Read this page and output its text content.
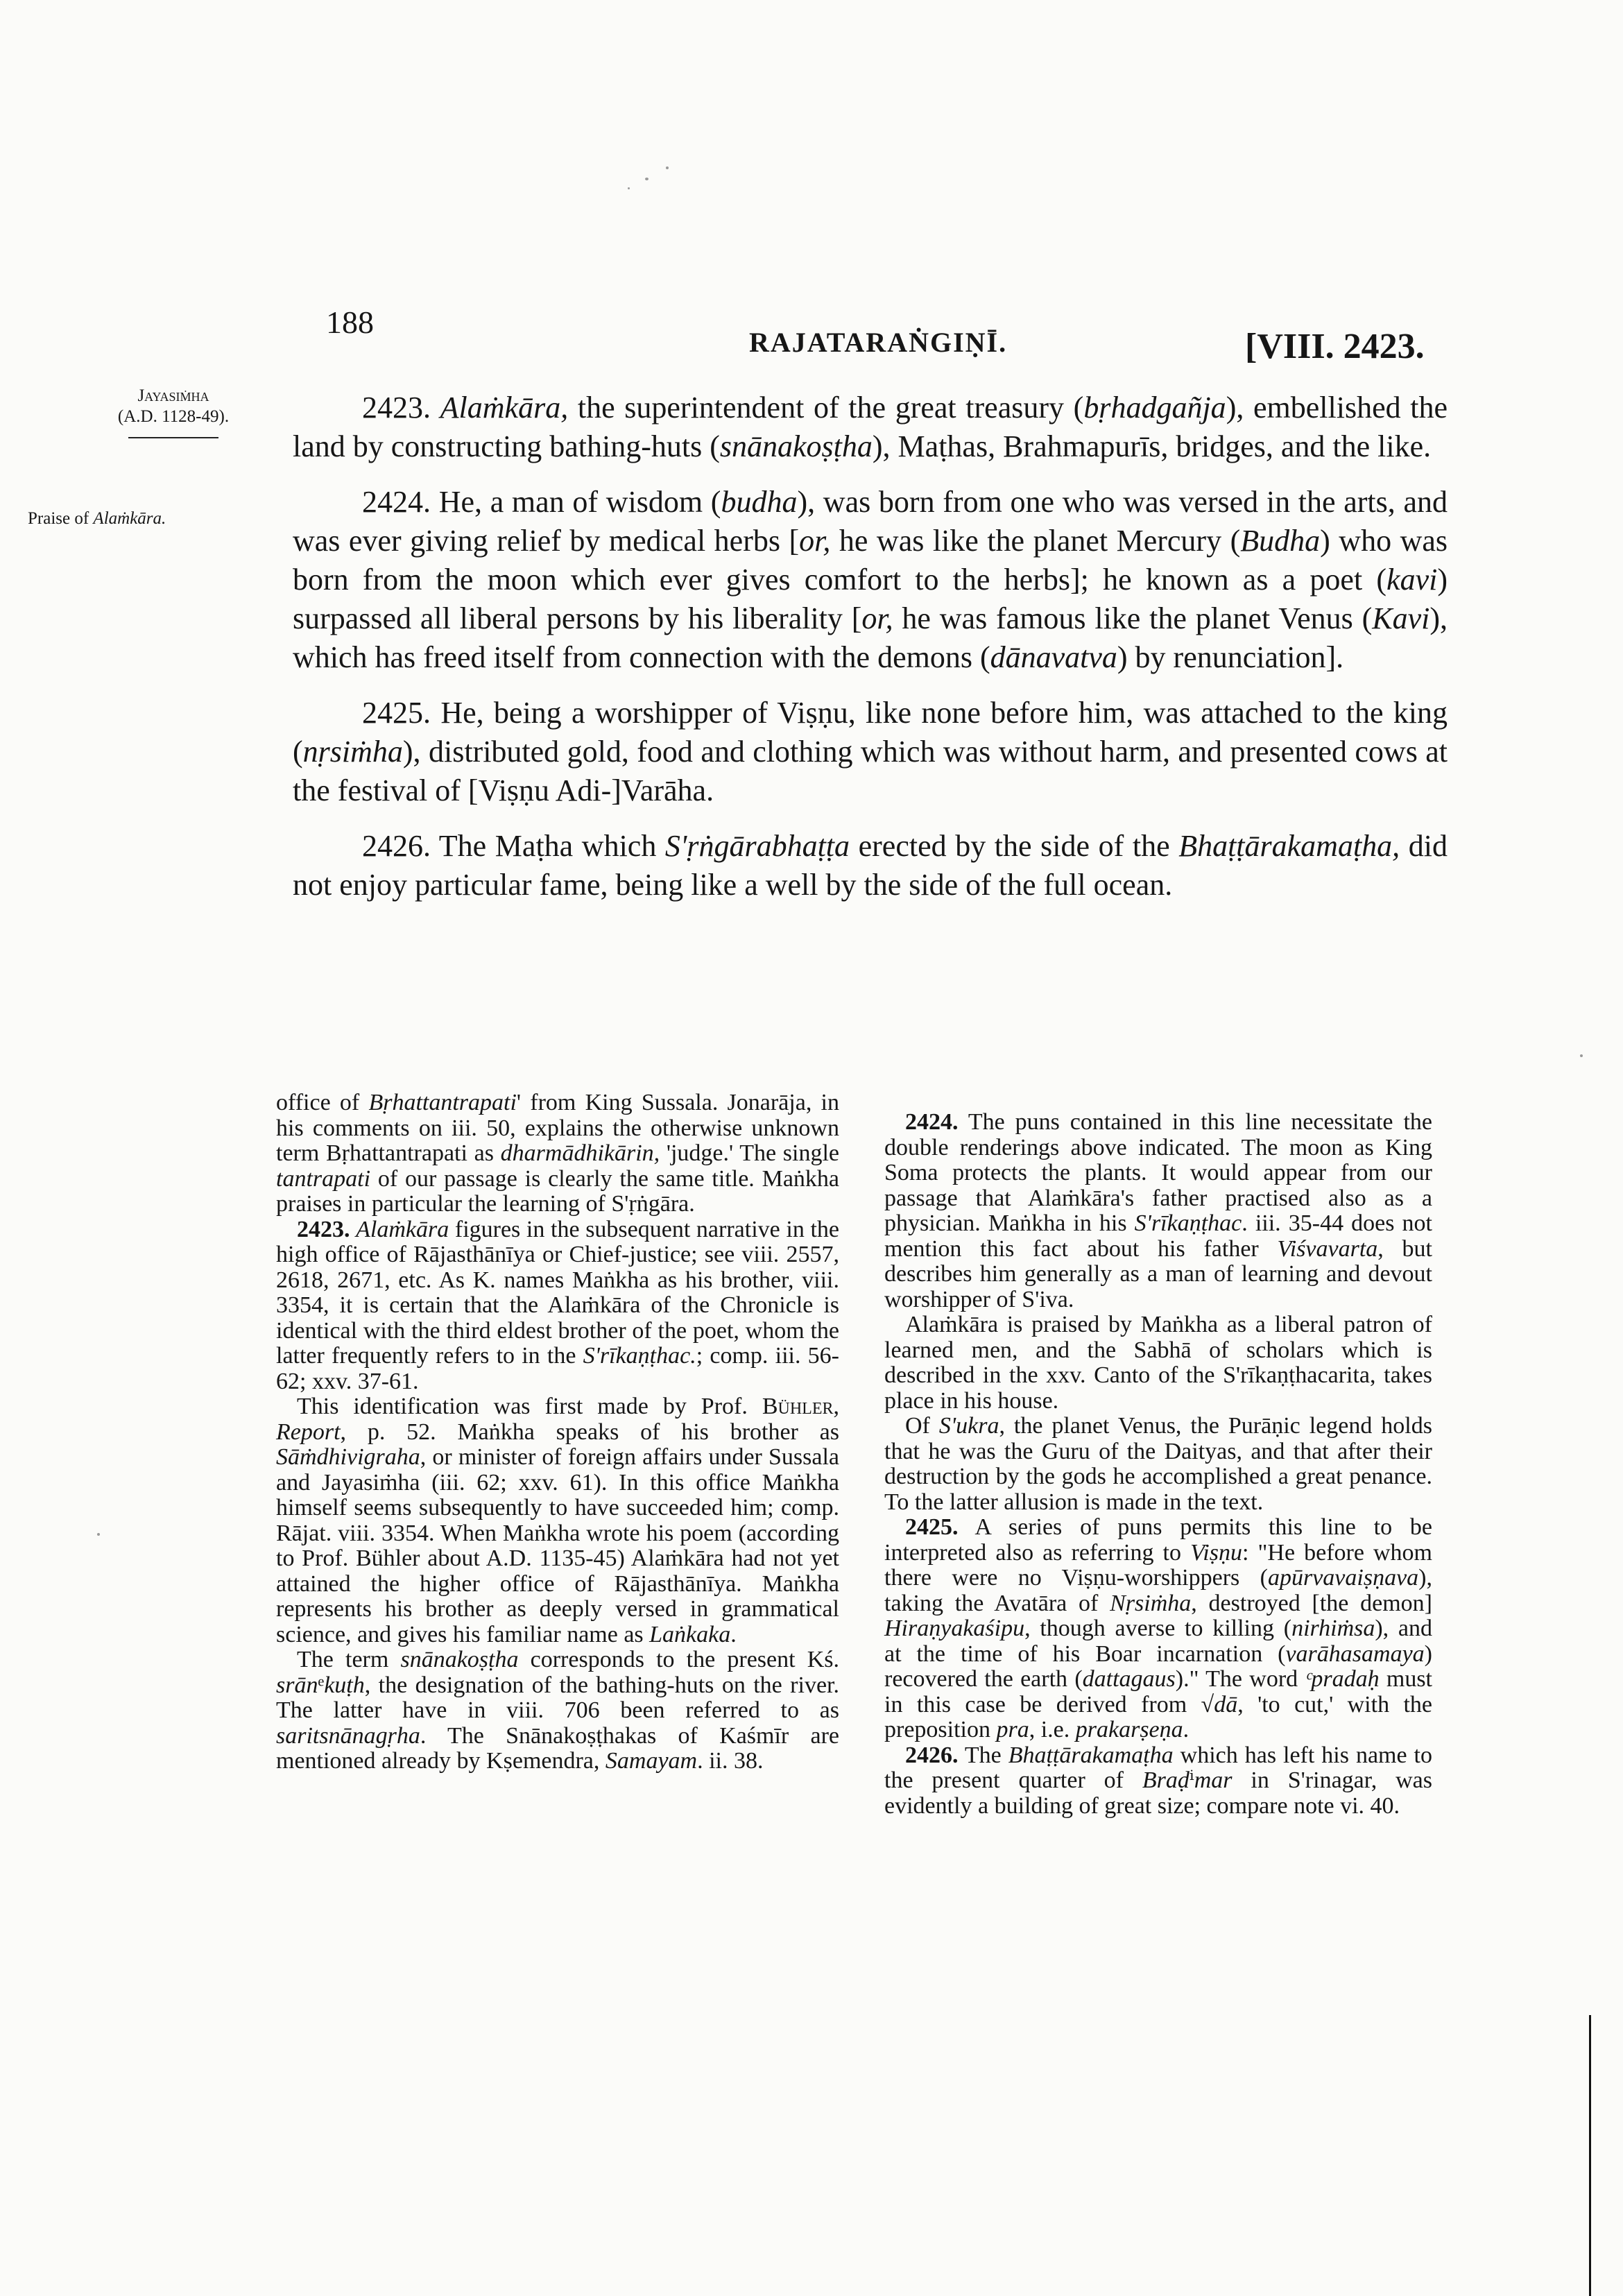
188
RAJATARAṄGIṆĪ.	[VIII. 2423.
Jayasiṁha
(A.D. 1128-49).
Praise of Alaṁkāra.

2423. Alaṁkāra, the superintendent of the great treasury (bṛhadgañja), embellished the land by constructing bathing-huts (snānakoṣṭha), Maṭhas, Brahmapurīs, bridges, and the like.

2424. He, a man of wisdom (budha), was born from one who was versed in the arts, and was ever giving relief by medical herbs [or, he was like the planet Mercury (Budha) who was born from the moon which ever gives comfort to the herbs]; he known as a poet (kavi) surpassed all liberal persons by his liberality [or, he was famous like the planet Venus (Kavi), which has freed itself from connection with the demons (dānavatva) by renunciation].

2425. He, being a worshipper of Viṣṇu, like none before him, was attached to the king (nṛsiṁha), distributed gold, food and clothing which was without harm, and presented cows at the festival of [Viṣṇu Adi-]Varāha.

2426. The Maṭha which S'ṛṅgārabhaṭṭa erected by the side of the Bhaṭṭārakamaṭha, did not enjoy particular fame, being like a well by the side of the full ocean.

office of Bṛhattantrapati' from King Sussala. Jonarāja, in his comments on iii. 50, explains the otherwise unknown term Bṛhattantrapati as dharmādhikārin, 'judge.' The single tantrapati of our passage is clearly the same title. Maṅkha praises in particular the learning of S'ṛṅgāra.

2423. Alaṁkāra figures in the subsequent narrative in the high office of Rājasthānīya or Chief-justice; see viii. 2557, 2618, 2671, etc. As K. names Maṅkha as his brother, viii. 3354, it is certain that the Alaṁkāra of the Chronicle is identical with the third eldest brother of the poet, whom the latter frequently refers to in the S'rīkaṇṭhac.; comp. iii. 56-62; xxv. 37-61.

This identification was first made by Prof. Bühler, Report, p. 52. Maṅkha speaks of his brother as Sāṁdhivigraha, or minister of foreign affairs under Sussala and Jayasiṁha (iii. 62; xxv. 61). In this office Maṅkha himself seems subsequently to have succeeded him; comp. Rājat. viii. 3354. When Maṅkha wrote his poem (according to Prof. Bühler about A.D. 1135-45) Alaṁkāra had not yet attained the higher office of Rājasthānīya. Maṅkha represents his brother as deeply versed in grammatical science, and gives his familiar name as Laṅkaka.

The term snānakoṣṭha corresponds to the present Kś. srānᵉkuṭh, the designation of the bathing-huts on the river. The latter have in viii. 706 been referred to as saritsnānagṛha. The Snānakoṣṭhakas of Kaśmīr are mentioned already by Kṣemendra, Samayam. ii. 38.

2424. The puns contained in this line necessitate the double renderings above indicated. The moon as King Soma protects the plants. It would appear from our passage that Alaṁkāra's father practised also as a physician. Maṅkha in his S'rīkaṇṭhac. iii. 35-44 does not mention this fact about his father Viśvavarta, but describes him generally as a man of learning and devout worshipper of S'iva.

Alaṁkāra is praised by Maṅkha as a liberal patron of learned men, and the Sabhā of scholars which is described in the xxv. Canto of the S'rīkaṇṭhacarita, takes place in his house.

Of S'ukra, the planet Venus, the Purāṇic legend holds that he was the Guru of the Daityas, and that after their destruction by the gods he accomplished a great penance. To the latter allusion is made in the text.

2425. A series of puns permits this line to be interpreted also as referring to Viṣṇu: "He before whom there were no Viṣṇu-worshippers (apūrvavaiṣṇava), taking the Avatāra of Nṛsiṁha, destroyed [the demon] Hiraṇyakaśipu, though averse to killing (nirhiṁsa), and at the time of his Boar incarnation (varāhasamaya) recovered the earth (dattagaus)." The word ᶜpradaḥ must in this case be derived from √dā, 'to cut,' with the preposition pra, i.e. prakarṣeṇa.

2426. The Bhaṭṭārakamaṭha which has left his name to the present quarter of Braḍⁱmar in S'rinagar, was evidently a building of great size; compare note vi. 40.
